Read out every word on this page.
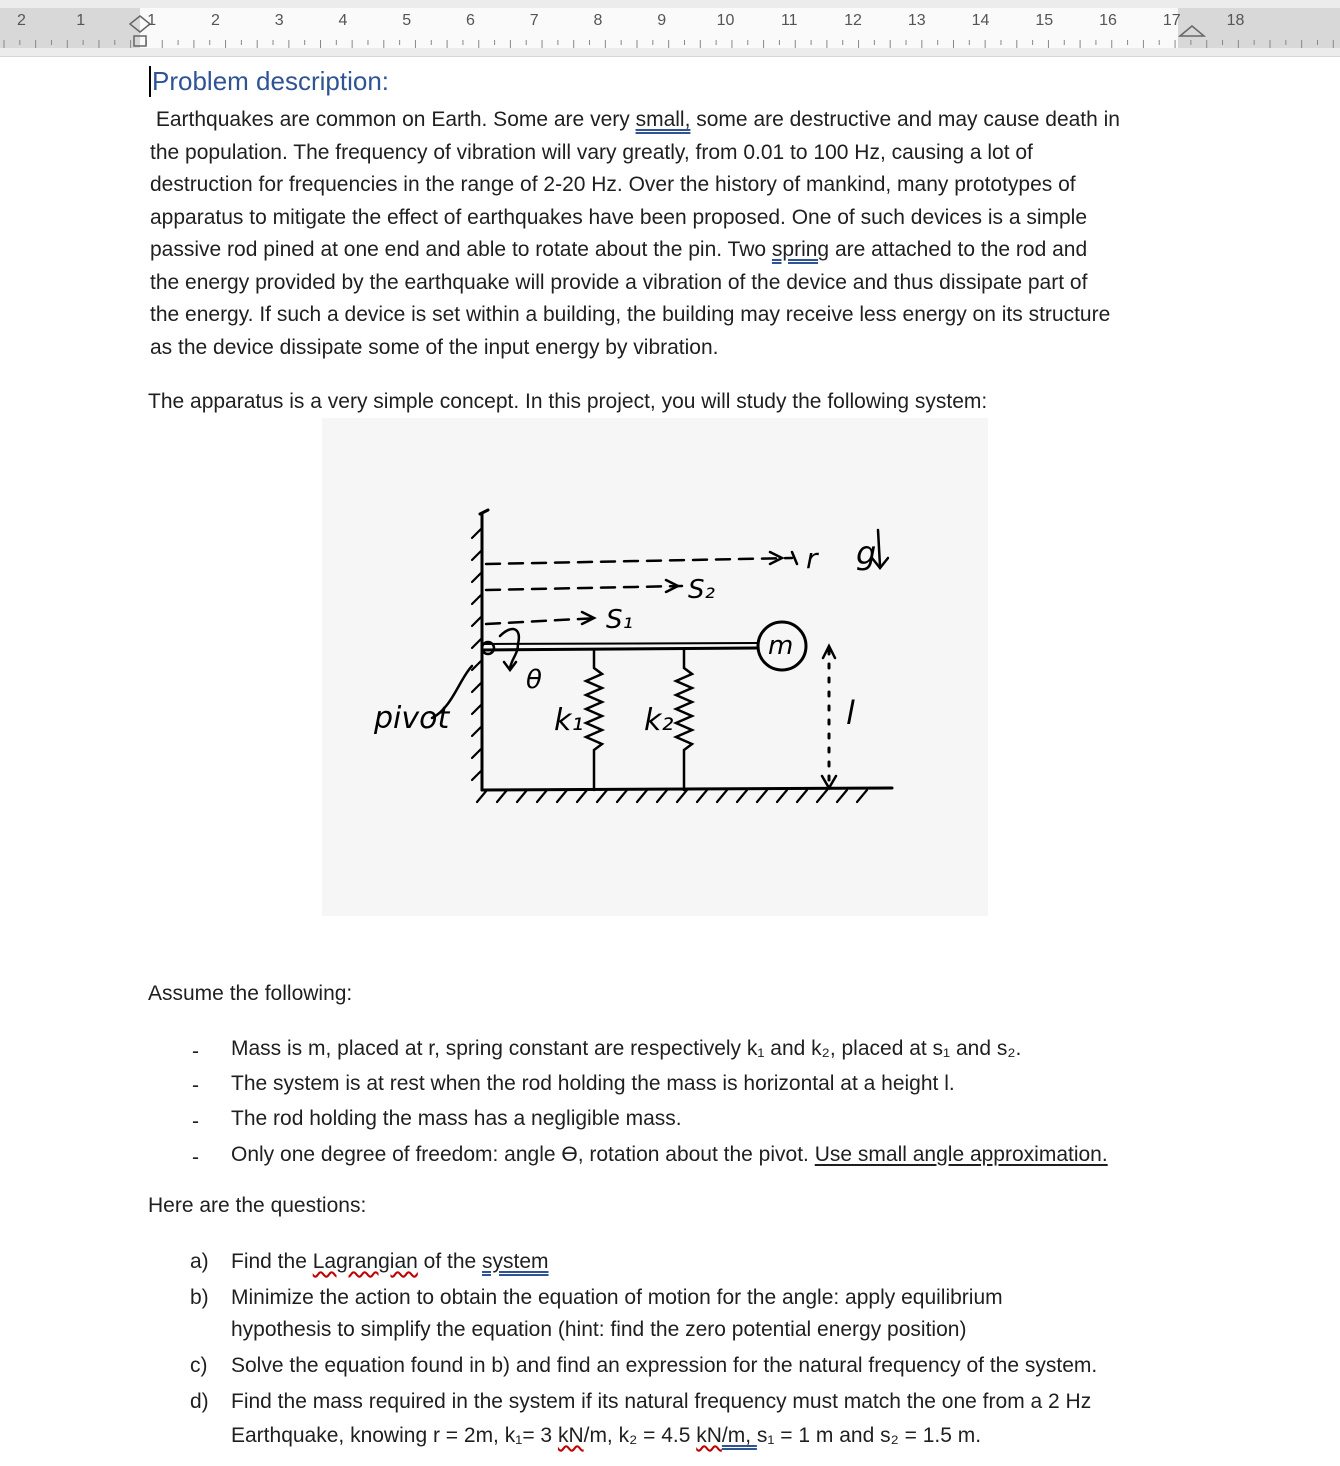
2	1	1	2	3	4	5	6	7	8	9	10	11	12	13	14	15	16	17	18
Problem description:

Earthquakes are common on Earth. Some are very small, some are destructive and may cause death in

the population. The frequency of vibration will vary greatly, from 0.01 to 100 Hz, causing a lot of

destruction for frequencies in the range of 2-20 Hz. Over the history of mankind, many prototypes of

apparatus to mitigate the effect of earthquakes have been proposed. One of such devices is a simple

passive rod pined at one end and able to rotate about the pin. Two spring are attached to the rod and

the energy provided by the earthquake will provide a vibration of the device and thus dissipate part of

the energy. If such a device is set within a building, the building may receive less energy on its structure

as the device dissipate some of the input energy by vibration.

The apparatus is a very simple concept. In this project, you will study the following system:

pivot
θ
k₁ k₂
S₁
S₂
r
m
l
g

Assume the following:

- Mass is m, placed at r, spring constant are respectively k₁ and k₂, placed at s₁ and s₂.
- The system is at rest when the rod holding the mass is horizontal at a height l.
- The rod holding the mass has a negligible mass.
- Only one degree of freedom: angle ϴ, rotation about the pivot. Use small angle approximation.

Here are the questions:

a) Find the Lagrangian of the system
b) Minimize the action to obtain the equation of motion for the angle: apply equilibrium
hypothesis to simplify the equation (hint: find the zero potential energy position)
c) Solve the equation found in b) and find an expression for the natural frequency of the system.
d) Find the mass required in the system if its natural frequency must match the one from a 2 Hz
Earthquake, knowing r = 2m, k₁= 3 kN/m, k₂ = 4.5 kN/m, s₁ = 1 m and s₂ = 1.5 m.
